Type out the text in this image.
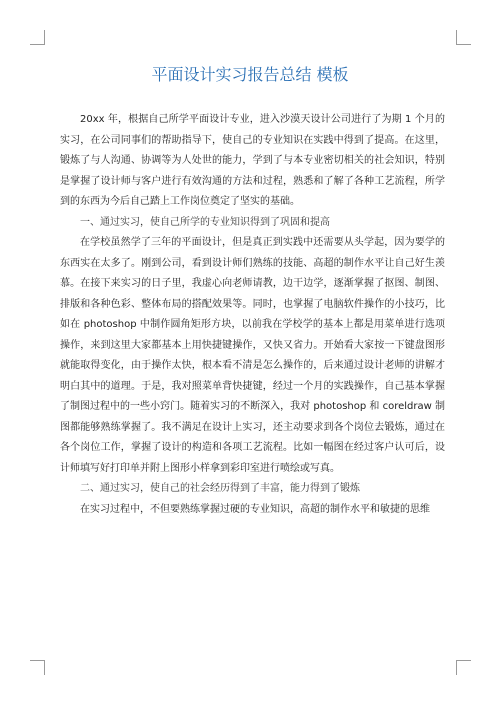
平面设计实习报告总结 模板

20xx 年，根据自己所学平面设计专业，进入沙漠天设计公司进行了为期 1 个月的实习，在公司同事们的帮助指导下，使自己的专业知识在实践中得到了提高。在这里，锻炼了与人沟通、协调等为人处世的能力，学到了与本专业密切相关的社会知识，特别是掌握了设计师与客户进行有效沟通的方法和过程，熟悉和了解了各种工艺流程，所学到的东西为今后自己踏上工作岗位奠定了坚实的基础。

一、通过实习，使自己所学的专业知识得到了巩固和提高

在学校虽然学了三年的平面设计，但是真正到实践中还需要从头学起，因为要学的东西实在太多了。刚到公司，看到设计师们熟练的技能、高超的制作水平让自己好生羡慕。在接下来实习的日子里，我虚心向老师请教，边干边学，逐渐掌握了抠图、制图、排版和各种色彩、整体布局的搭配效果等。同时，也掌握了电脑软件操作的小技巧，比如在 photoshop 中制作圆角矩形方块，以前我在学校学的基本上都是用菜单进行选项操作，来到这里大家都基本上用快捷键操作，又快又省力。开始看大家按一下键盘图形就能取得变化，由于操作太快，根本看不清是怎么操作的，后来通过设计老师的讲解才明白其中的道理。于是，我对照菜单背快捷键，经过一个月的实践操作，自己基本掌握了制图过程中的一些小窍门。随着实习的不断深入，我对 photoshop 和 coreldraw 制图都能够熟练掌握了。我不满足在设计上实习，还主动要求到各个岗位去锻炼，通过在各个岗位工作，掌握了设计的构造和各项工艺流程。比如一幅图在经过客户认可后，设计师填写好打印单并附上图形小样拿到彩印室进行喷绘或写真。

二、通过实习，使自己的社会经历得到了丰富，能力得到了锻炼

在实习过程中，不但要熟练掌握过硬的专业知识，高超的制作水平和敏捷的思维
